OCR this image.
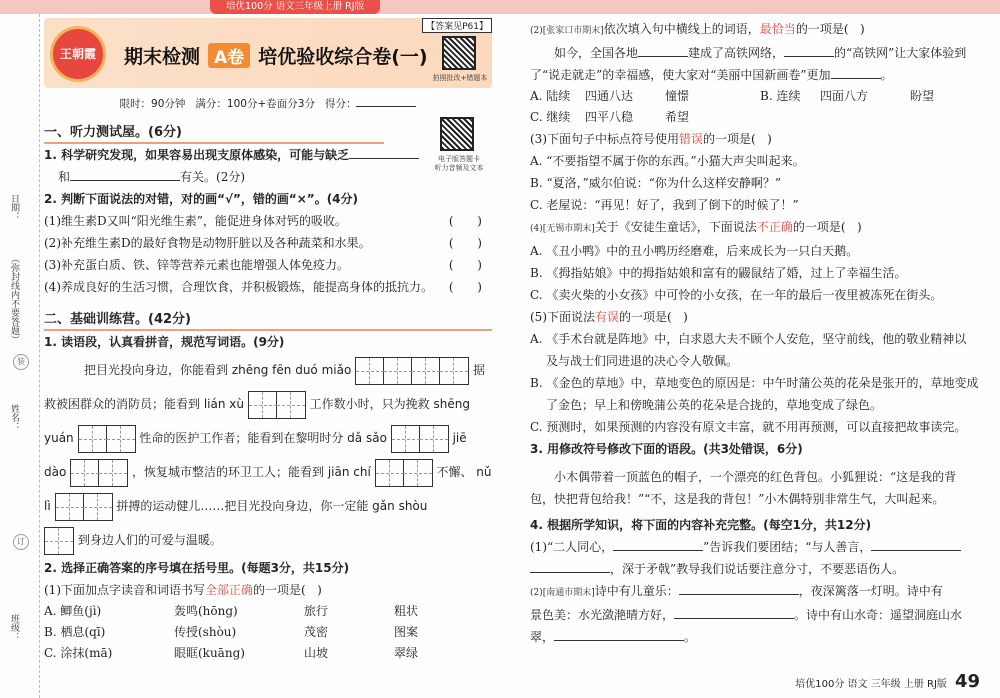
培优100分 语文三年级上册 RJ版
日期：
（弥封线内不要答题）
装
姓名：
订
班级：
王朝霞	期末检测 A卷 培优验收综合卷(一)
【答案见P61】
拍照批改+错题本
限时：90分钟 满分：100分+卷面分3分 得分：
电子版答题卡
听力音频及文本
一、听力测试屋。(6分)
1. 科学研究发现，如果容易出现支原体感染，可能与缺乏
和	有关。(2分)
2. 判断下面说法的对错，对的画“√”，错的画“×”。(4分)
(1)维生素D又叫“阳光维生素”，能促进身体对钙的吸收。	( )
(2)补充维生素D的最好食物是动物肝脏以及各种蔬菜和水果。	( )
(3)补充蛋白质、铁、锌等营养元素也能增强人体免疫力。	( )
(4)养成良好的生活习惯，合理饮食，并积极锻炼，能提高身体的抵抗力。 ( )
二、基础训练营。(42分)
1. 读语段，认真看拼音，规范写词语。(9分)
把目光投向身边，你能看到 zhēng fēn duó miǎo	据
救被困群众的消防员；能看到 lián xù	工作数小时，只为挽救 shēng
yuán	性命的医护工作者；能看到在黎明时分 dǎ sǎo	jiē
dào	，恢复城市整洁的环卫工人；能看到 jiān chí	不懈、 nǔ
lì	拼搏的运动健儿……把目光投向身边，你一定能 gǎn shòu
到身边人们的可爱与温暖。
2. 选择正确答案的序号填在括号里。(每题3分，共15分)
(1)下面加点字读音和词语书写全部正确的一项是( )
A. 鲫鱼(jì)	轰鸣(hōng)	旅行	粗状
B. 栖息(qī)	传授(shòu)	茂密	图案
C. 涂抹(mā)	眼眶(kuāng)	山坡	翠绿
(2)[张家口市期末]依次填入句中横线上的词语，最恰当的一项是( )
如今，全国各地	建成了高铁网络，	的“高铁网”让大家体验到
了“说走就走”的幸福感，使大家对“美丽中国新画卷”更加	。
A. 陆续	四通八达	憧憬	B. 连续	四面八方	盼望
C. 继续	四平八稳	希望
(3)下面句子中标点符号使用错误的一项是( )
A. “不要指望不属于你的东西。”小猫大声尖叫起来。
B. “夏洛，”威尔伯说：“你为什么这样安静啊？”
C. 老屋说：“再见！好了，我到了倒下的时候了！”
(4)[无锡市期末]关于《安徒生童话》，下面说法不正确的一项是( )
A. 《丑小鸭》中的丑小鸭历经磨难，后来成长为一只白天鹅。
B. 《拇指姑娘》中的拇指姑娘和富有的鼹鼠结了婚，过上了幸福生活。
C. 《卖火柴的小女孩》中可怜的小女孩，在一年的最后一夜里被冻死在街头。
(5)下面说法有误的一项是( )
A. 《手术台就是阵地》中，白求恩大夫不顾个人安危，坚守前线，他的敬业精神以
及与战士们同进退的决心令人敬佩。
B. 《金色的草地》中，草地变色的原因是：中午时蒲公英的花朵是张开的，草地变成
了金色；早上和傍晚蒲公英的花朵是合拢的，草地变成了绿色。
C. 预测时，如果预测的内容没有原文丰富，就不用再预测，可以直接把故事读完。
3. 用修改符号修改下面的语段。(共3处错误，6分)
小木偶带着一顶蓝色的帽子，一个漂亮的红色背包。小狐狸说：“这是我的背
包，快把背包给我！”“不，这是我的背包！”小木偶特别非常生气，大叫起来。
4. 根据所学知识，将下面的内容补充完整。(每空1分，共12分)
(1)“二人同心，	”告诉我们要团结；“与人善言，
，深于矛戟”教导我们说话要注意分寸，不要恶语伤人。
(2)[南通市期末]诗中有儿童乐：	，夜深篱落一灯明。诗中有
景色美：水光潋滟晴方好，	。诗中有山水奇：遥望洞庭山水
翠，	。
培优100分 语文 三年级 上册 RJ版 49
